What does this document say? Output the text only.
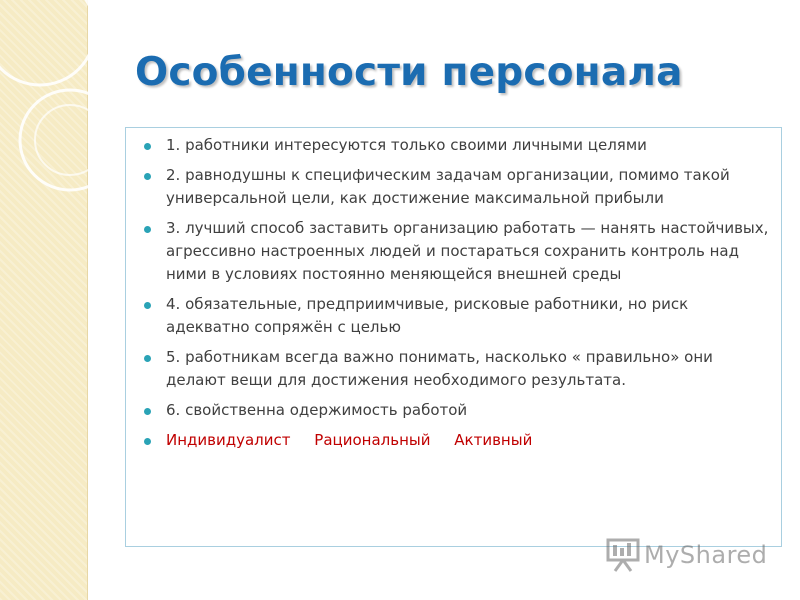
Особенности персонала
1. работники интересуются только своими личными целями
2. равнодушны к специфическим задачам организации, помимо такой универсальной цели, как достижение максимальной прибыли
3. лучший способ заставить организацию работать — нанять настойчивых, агрессивно настроенных людей и постараться сохранить контроль над ними в условиях постоянно меняющейся внешней среды
4. обязательные, предприимчивые, рисковые работники, но риск адекватно сопряжён с целью
5. работникам всегда важно понимать, насколько « правильно» они делают вещи для достижения необходимого результата.
6. свойственна одержимость работой
Индивидуалист Рациональный Активный
MyShared
